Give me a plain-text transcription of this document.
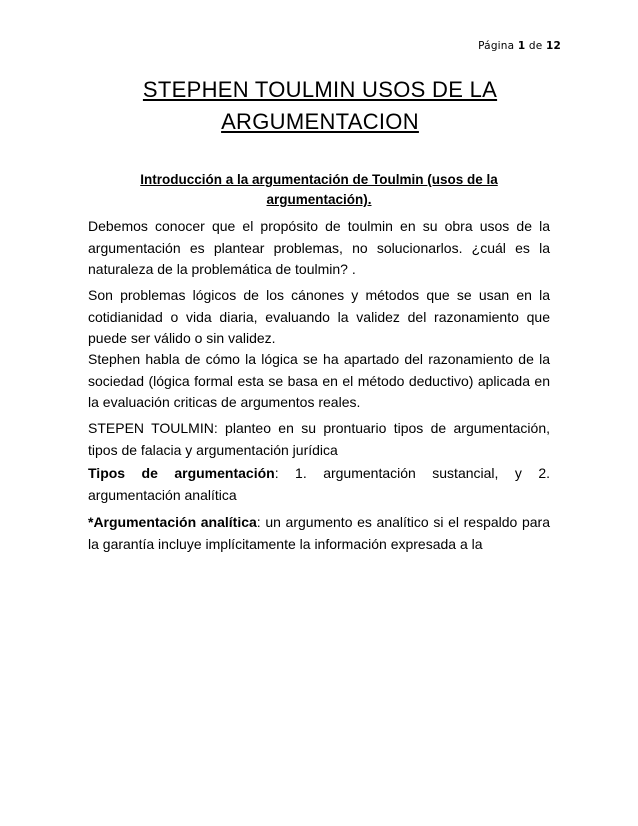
Página 1 de 12
STEPHEN TOULMIN USOS DE LA ARGUMENTACION
Introducción a la argumentación de Toulmin (usos de la argumentación).

Debemos conocer que el propósito de toulmin en su obra usos de la argumentación es plantear problemas, no solucionarlos. ¿cuál es la naturaleza de la problemática de toulmin? .

Son problemas lógicos de los cánones y métodos que se usan en la cotidianidad o vida diaria, evaluando la validez del razonamiento que puede ser válido o sin validez.

Stephen habla de cómo la lógica se ha apartado del razonamiento de la sociedad (lógica formal esta se basa en el método deductivo) aplicada en la evaluación criticas de argumentos reales.

STEPEN TOULMIN: planteo en su prontuario tipos de argumentación, tipos de falacia y argumentación jurídica

Tipos de argumentación: 1. argumentación sustancial, y 2. argumentación analítica

*Argumentación analítica: un argumento es analítico si el respaldo para la garantía incluye implícitamente la información expresada a la
